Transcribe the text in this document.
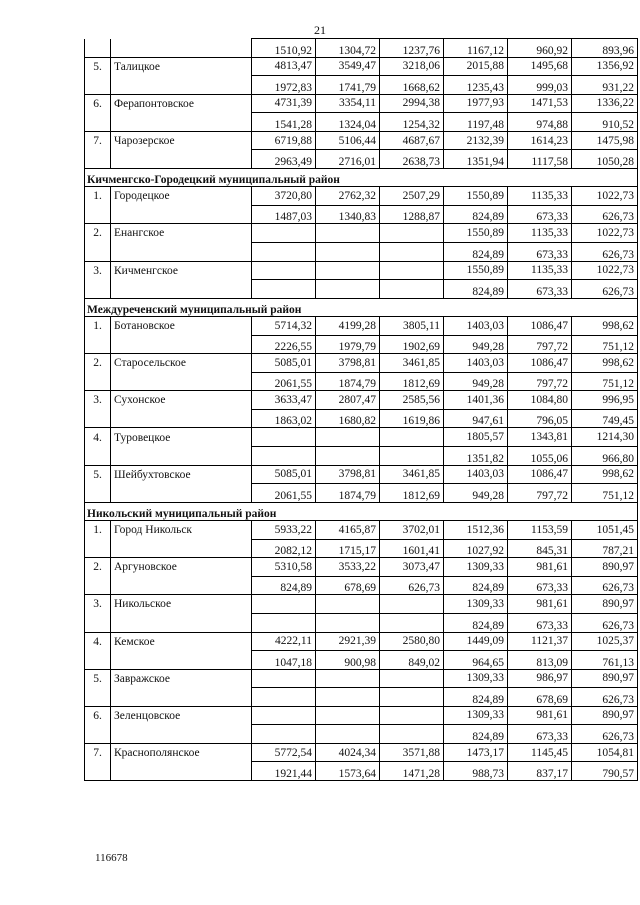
21
		1510,92	1304,72	1237,76	1167,12	960,92	893,96
5.	Талицкое	4813,47	3549,47	3218,06	2015,88	1495,68	1356,92
		1972,83	1741,79	1668,62	1235,43	999,03	931,22
6.	Ферапонтовское	4731,39	3354,11	2994,38	1977,93	1471,53	1336,22
		1541,28	1324,04	1254,32	1197,48	974,88	910,52
7.	Чарозерское	6719,88	5106,44	4687,67	2132,39	1614,23	1475,98
		2963,49	2716,01	2638,73	1351,94	1117,58	1050,28
Кичменгско-Городецкий муниципальный район							
1.	Городецкое	3720,80	2762,32	2507,29	1550,89	1135,33	1022,73
		1487,03	1340,83	1288,87	824,89	673,33	626,73
2.	Енангское				1550,89	1135,33	1022,73
					824,89	673,33	626,73
3.	Кичменгское				1550,89	1135,33	1022,73
					824,89	673,33	626,73
Междуреченский муниципальный район							
1.	Ботановское	5714,32	4199,28	3805,11	1403,03	1086,47	998,62
		2226,55	1979,79	1902,69	949,28	797,72	751,12
2.	Старосельское	5085,01	3798,81	3461,85	1403,03	1086,47	998,62
		2061,55	1874,79	1812,69	949,28	797,72	751,12
3.	Сухонское	3633,47	2807,47	2585,56	1401,36	1084,80	996,95
		1863,02	1680,82	1619,86	947,61	796,05	749,45
4.	Туровецкое				1805,57	1343,81	1214,30
					1351,82	1055,06	966,80
5.	Шейбухтовское	5085,01	3798,81	3461,85	1403,03	1086,47	998,62
		2061,55	1874,79	1812,69	949,28	797,72	751,12
Никольский муниципальный район							
1.	Город Никольск	5933,22	4165,87	3702,01	1512,36	1153,59	1051,45
		2082,12	1715,17	1601,41	1027,92	845,31	787,21
2.	Аргуновское	5310,58	3533,22	3073,47	1309,33	981,61	890,97
		824,89	678,69	626,73	824,89	673,33	626,73
3.	Никольское				1309,33	981,61	890,97
					824,89	673,33	626,73
4.	Кемское	4222,11	2921,39	2580,80	1449,09	1121,37	1025,37
		1047,18	900,98	849,02	964,65	813,09	761,13
5.	Завражское				1309,33	986,97	890,97
					824,89	678,69	626,73
6.	Зеленцовское				1309,33	981,61	890,97
					824,89	673,33	626,73
7.	Краснополянское	5772,54	4024,34	3571,88	1473,17	1145,45	1054,81
		1921,44	1573,64	1471,28	988,73	837,17	790,57
116678
